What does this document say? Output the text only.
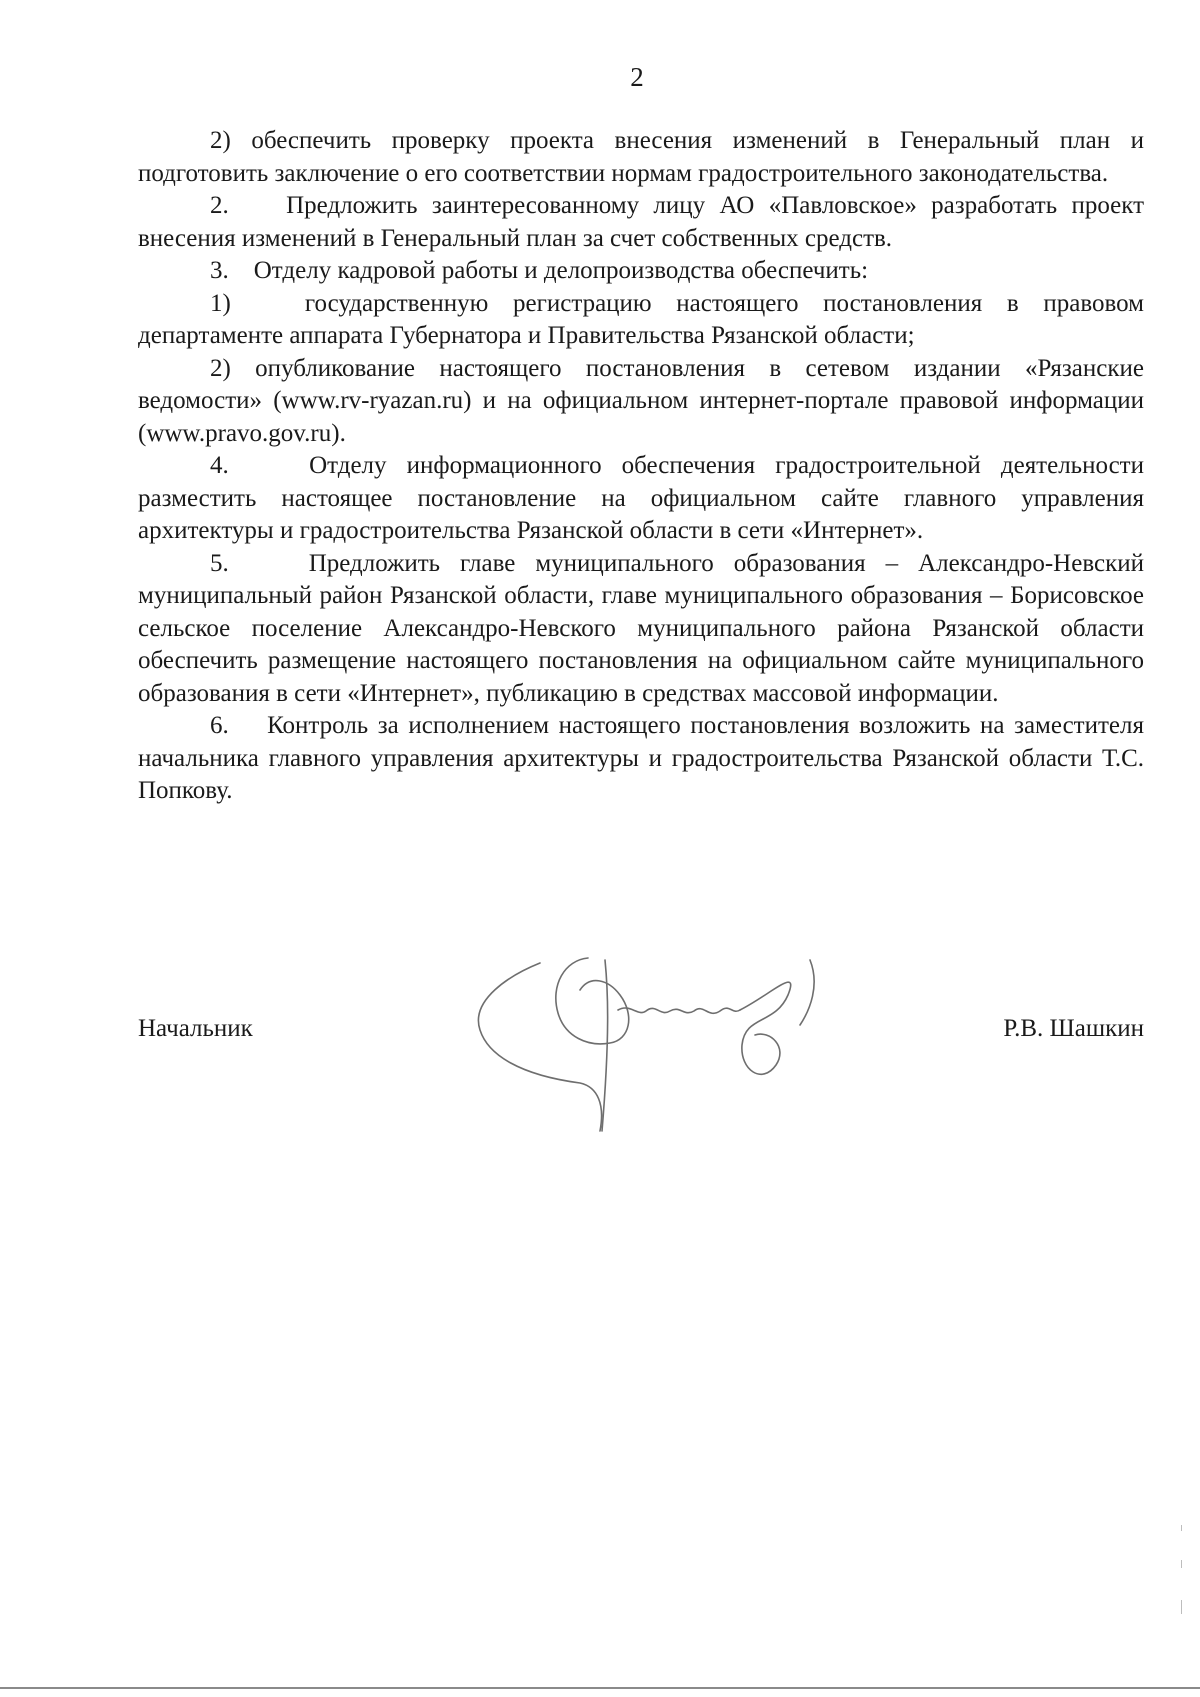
2

2) обеспечить проверку проекта внесения изменений в Генеральный план и подготовить заключение о его соответствии нормам градостроительного законодательства.

2.    Предложить заинтересованному лицу АО «Павловское» разработать проект внесения изменений в Генеральный план за счет собственных средств.

3.    Отделу кадровой работы и делопроизводства обеспечить:

1)   государственную регистрацию настоящего постановления в правовом департаменте аппарата Губернатора и Правительства Рязанской области;

2) опубликование настоящего постановления в сетевом издании «Рязанские ведомости» (www.rv-ryazan.ru) и на официальном интернет-портале правовой информации (www.pravo.gov.ru).

4.    Отделу информационного обеспечения градостроительной деятельности разместить настоящее постановление на официальном сайте главного управления архитектуры и градостроительства Рязанской области в сети «Интернет».

5.    Предложить главе муниципального образования – Александро-Невский муниципальный район Рязанской области, главе муниципального образования – Борисовское сельское поселение Александро-Невского муниципального района Рязанской области обеспечить размещение настоящего постановления на официальном сайте муниципального образования в сети «Интернет», публикацию в средствах массовой информации.

6.    Контроль за исполнением настоящего постановления возложить на заместителя начальника главного управления архитектуры и градостроительства Рязанской области Т.С. Попкову.

Начальник	Р.В. Шашкин
